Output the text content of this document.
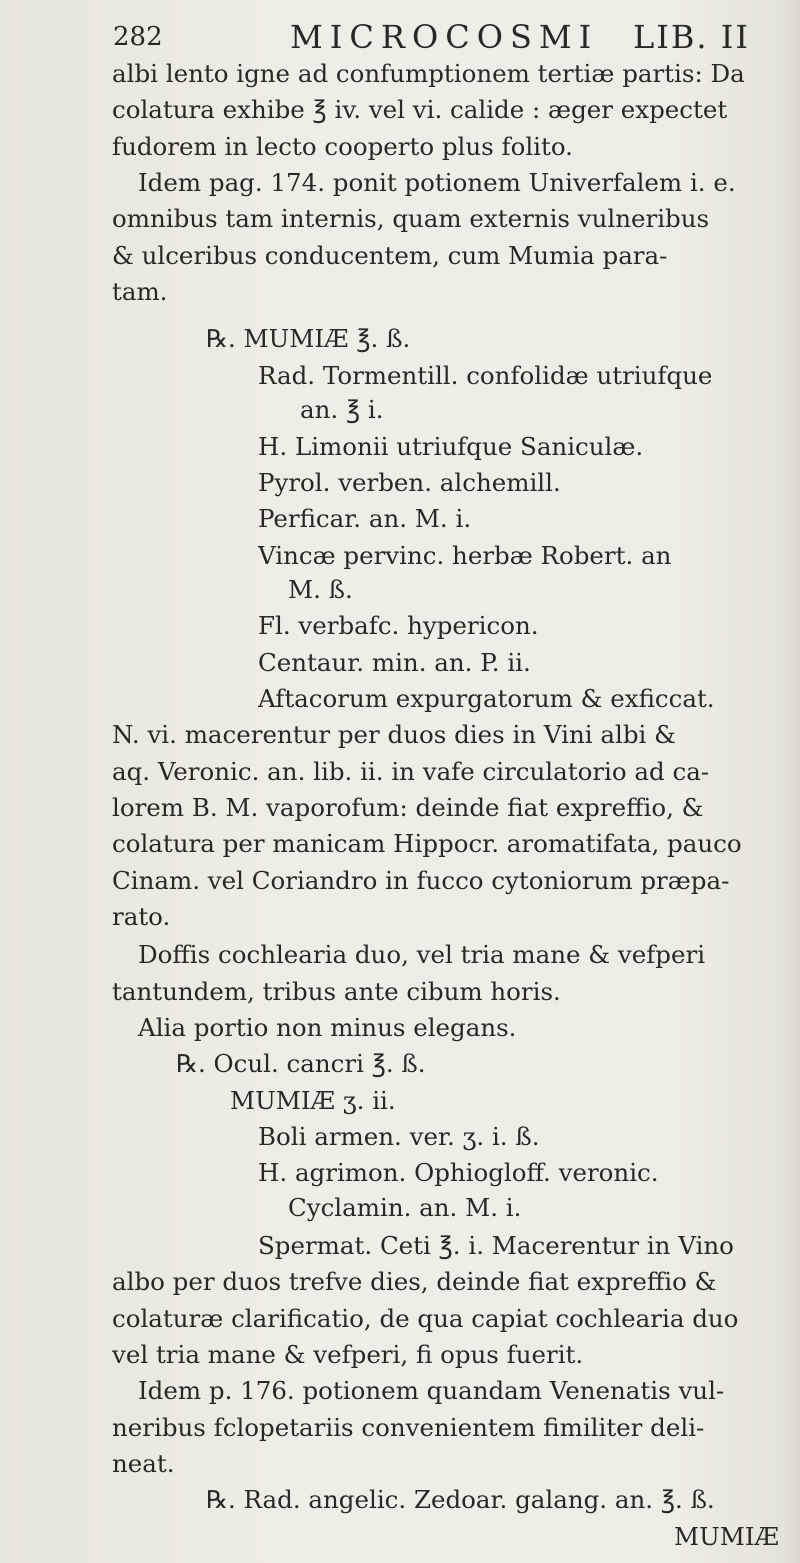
282	MICROCOSMI LIB. II
albi lento igne ad confumptionem tertiæ partis: Da
colatura exhibe ℥ iv. vel vi. calide : æger expectet
fudorem in lecto cooperto plus folito.
Idem pag. 174. ponit potionem Univerfalem i. e.
omnibus tam internis, quam externis vulneribus
& ulceribus conducentem, cum Mumia para-
tam.
℞. MUMIÆ ℥. ß.
Rad. Tormentill. confolidæ utriufque
an. ℥ i.
H. Limonii utriufque Saniculæ.
Pyrol. verben. alchemill.
Perficar. an. M. i.
Vincæ pervinc. herbæ Robert. an
M. ß.
Fl. verbafc. hypericon.
Centaur. min. an. P. ii.
Aftacorum expurgatorum & exficcat.
N. vi. macerentur per duos dies in Vini albi &
aq. Veronic. an. lib. ii. in vafe circulatorio ad ca-
lorem B. M. vaporofum: deinde fiat expreffio, &
colatura per manicam Hippocr. aromatifata, pauco
Cinam. vel Coriandro in fucco cytoniorum præpa-
rato.
Doffis cochlearia duo, vel tria mane & vefperi
tantundem, tribus ante cibum horis.
Alia portio non minus elegans.
℞. Ocul. cancri ℥. ß.
MUMIÆ ʒ. ii.
Boli armen. ver. ʒ. i. ß.
H. agrimon. Ophiogloff. veronic.
Cyclamin. an. M. i.
Spermat. Ceti ℥. i. Macerentur in Vino
albo per duos trefve dies, deinde fiat expreffio &
colaturæ clarificatio, de qua capiat cochlearia duo
vel tria mane & vefperi, fi opus fuerit.
Idem p. 176. potionem quandam Venenatis vul-
neribus fclopetariis convenientem fimiliter deli-
neat.
℞. Rad. angelic. Zedoar. galang. an. ℥. ß.
MUMIÆ
